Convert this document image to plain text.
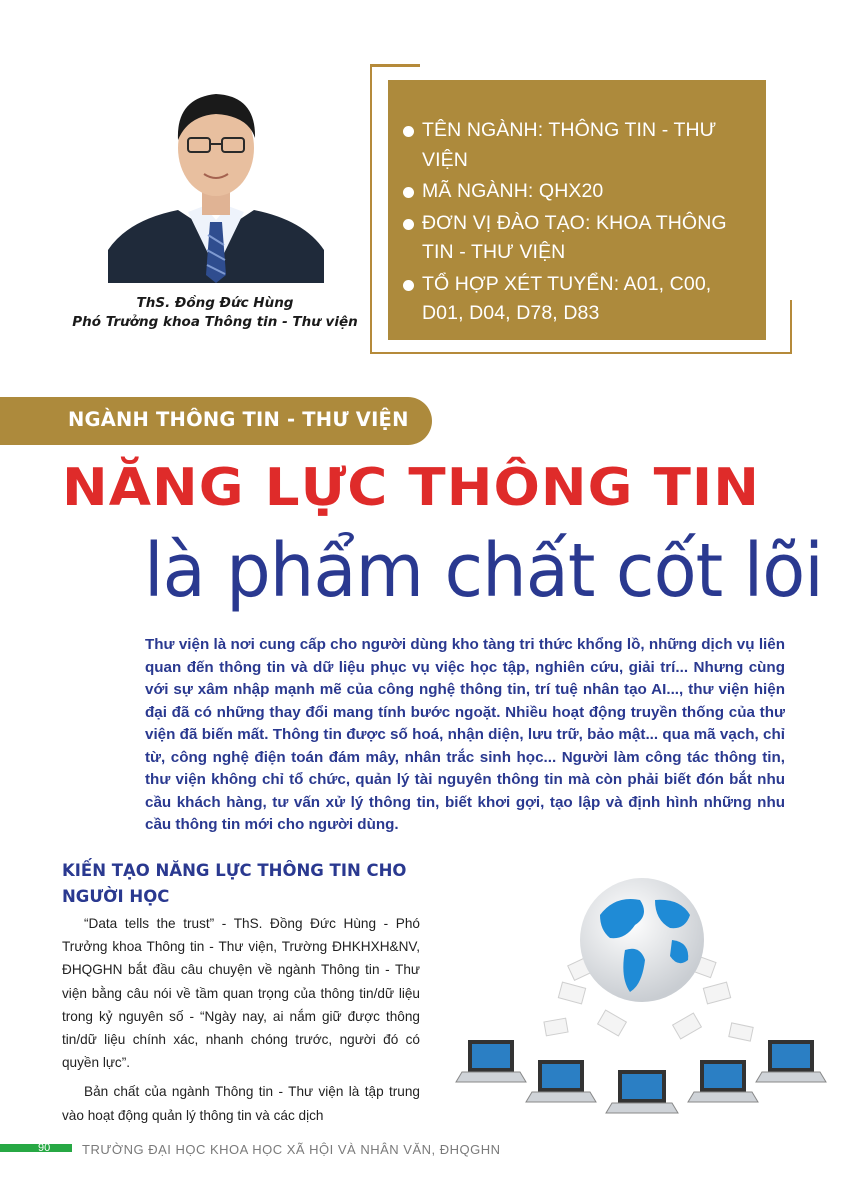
ThS. Đồng Đức Hùng
Phó Trưởng khoa Thông tin - Thư viện
TÊN NGÀNH: THÔNG TIN - THƯ VIỆN
MÃ NGÀNH: QHX20
ĐƠN VỊ ĐÀO TẠO: KHOA THÔNG TIN - THƯ VIỆN
TỔ HỢP XÉT TUYỂN: A01, C00, D01, D04, D78, D83
NGÀNH THÔNG TIN - THƯ VIỆN
NĂNG LỰC THÔNG TIN
là phẩm chất cốt lõi
Thư viện là nơi cung cấp cho người dùng kho tàng tri thức khổng lồ, những dịch vụ liên quan đến thông tin và dữ liệu phục vụ việc học tập, nghiên cứu, giải trí... Nhưng cùng với sự xâm nhập mạnh mẽ của công nghệ thông tin, trí tuệ nhân tạo AI..., thư viện hiện đại đã có những thay đổi mang tính bước ngoặt. Nhiều hoạt động truyền thống của thư viện đã biến mất. Thông tin được số hoá, nhận diện, lưu trữ, bảo mật... qua mã vạch, chỉ từ, công nghệ điện toán đám mây, nhân trắc sinh học... Người làm công tác thông tin, thư viện không chỉ tổ chức, quản lý tài nguyên thông tin mà còn phải biết đón bắt nhu cầu khách hàng, tư vấn xử lý thông tin, biết khơi gợi, tạo lập và định hình những nhu cầu thông tin mới cho người dùng.
KIẾN TẠO NĂNG LỰC THÔNG TIN CHO NGƯỜI HỌC

“Data tells the trust” - ThS. Đồng Đức Hùng - Phó Trưởng khoa Thông tin - Thư viện, Trường ĐHKHXH&NV, ĐHQGHN bắt đầu câu chuyện về ngành Thông tin - Thư viện bằng câu nói về tầm quan trọng của thông tin/dữ liệu trong kỷ nguyên số - “Ngày nay, ai nắm giữ được thông tin/dữ liệu chính xác, nhanh chóng trước, người đó có quyền lực”.

Bản chất của ngành Thông tin - Thư viện là tập trung vào hoạt động quản lý thông tin và các dịch

90 TRƯỜNG ĐẠI HỌC KHOA HỌC XÃ HỘI VÀ NHÂN VĂN, ĐHQGHN
